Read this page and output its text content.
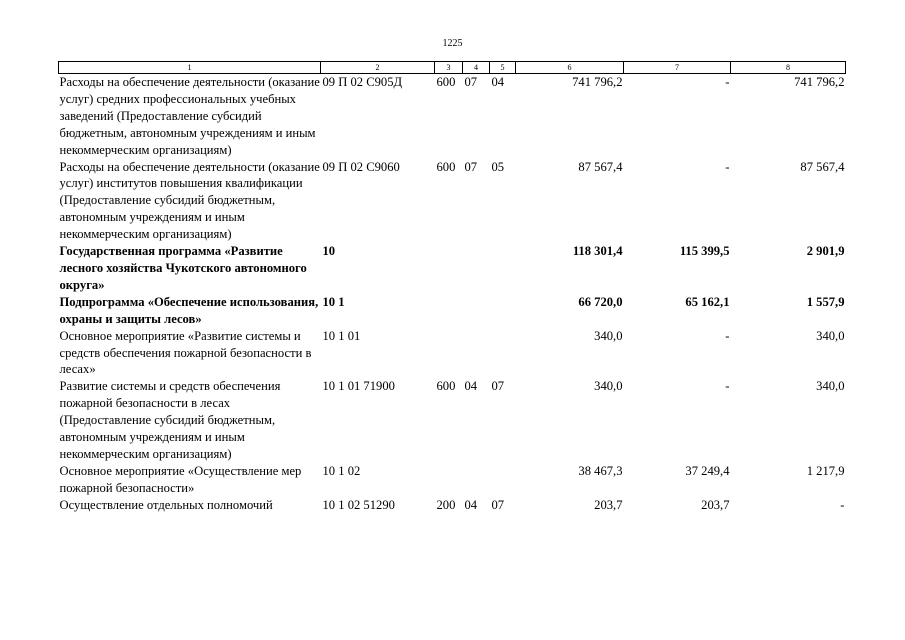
1225
1	2	3	4	5	6	7	8
Расходы на обеспечение деятельности (оказание услуг) средних профессиональных учебных заведений (Предоставление субсидий бюджетным, автономным учреждениям и иным некоммерческим организациям)	09 П 02 С905Д	600	07	04	741 796,2	-	741 796,2
Расходы на обеспечение деятельности (оказание услуг) институтов повышения квалификации (Предоставление субсидий бюджетным, автономным учреждениям и иным некоммерческим организациям)	09 П 02 С9060	600	07	05	87 567,4	-	87 567,4
Государственная программа «Развитие лесного хозяйства Чукотского автономного округа»	10				118 301,4	115 399,5	2 901,9
Подпрограмма «Обеспечение использования, охраны и защиты лесов»	10 1				66 720,0	65 162,1	1 557,9
Основное мероприятие «Развитие системы и средств обеспечения пожарной безопасности в лесах»	10 1 01				340,0	-	340,0
Развитие системы и средств обеспечения пожарной безопасности в лесах (Предоставление субсидий бюджетным, автономным учреждениям и иным некоммерческим организациям)	10 1 01 71900	600	04	07	340,0	-	340,0
Основное мероприятие «Осуществление мер пожарной безопасности»	10 1 02				38 467,3	37 249,4	1 217,9
Осуществление отдельных полномочий	10 1 02 51290	200	04	07	203,7	203,7	-
